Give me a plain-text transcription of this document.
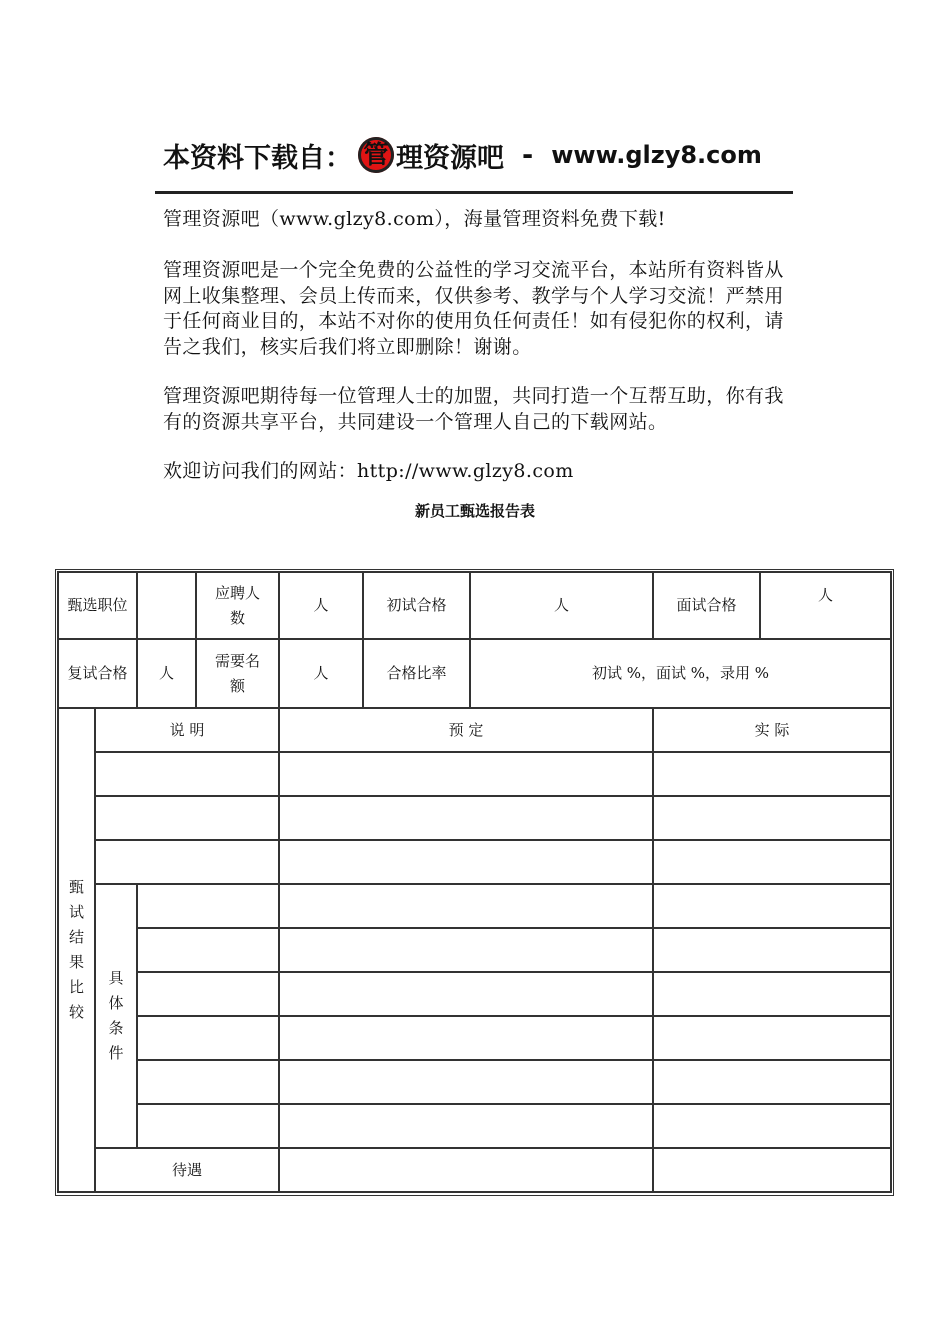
本资料下载自： 管 理资源吧 - www.glzy8.com
管理资源吧（www.glzy8.com），海量管理资料免费下载!
管理资源吧是一个完全免费的公益性的学习交流平台，本站所有资料皆从网上收集整理、会员上传而来，仅供参考、教学与个人学习交流！严禁用于任何商业目的，本站不对你的使用负任何责任！如有侵犯你的权利，请告之我们，核实后我们将立即删除！谢谢。
管理资源吧期待每一位管理人士的加盟，共同打造一个互帮互助，你有我有的资源共享平台，共同建设一个管理人自己的下载网站。
欢迎访问我们的网站：http://www.glzy8.com
新员工甄选报告表
甄选职位			应聘人数	人	初试合格	人	面试合格	人

复试合格		人	需要名额	人	合格比率	初试 %，面试 %，录用 %		

甄试结果比较	说 明			预 定			实 际	

	具体条件							

	待遇							
